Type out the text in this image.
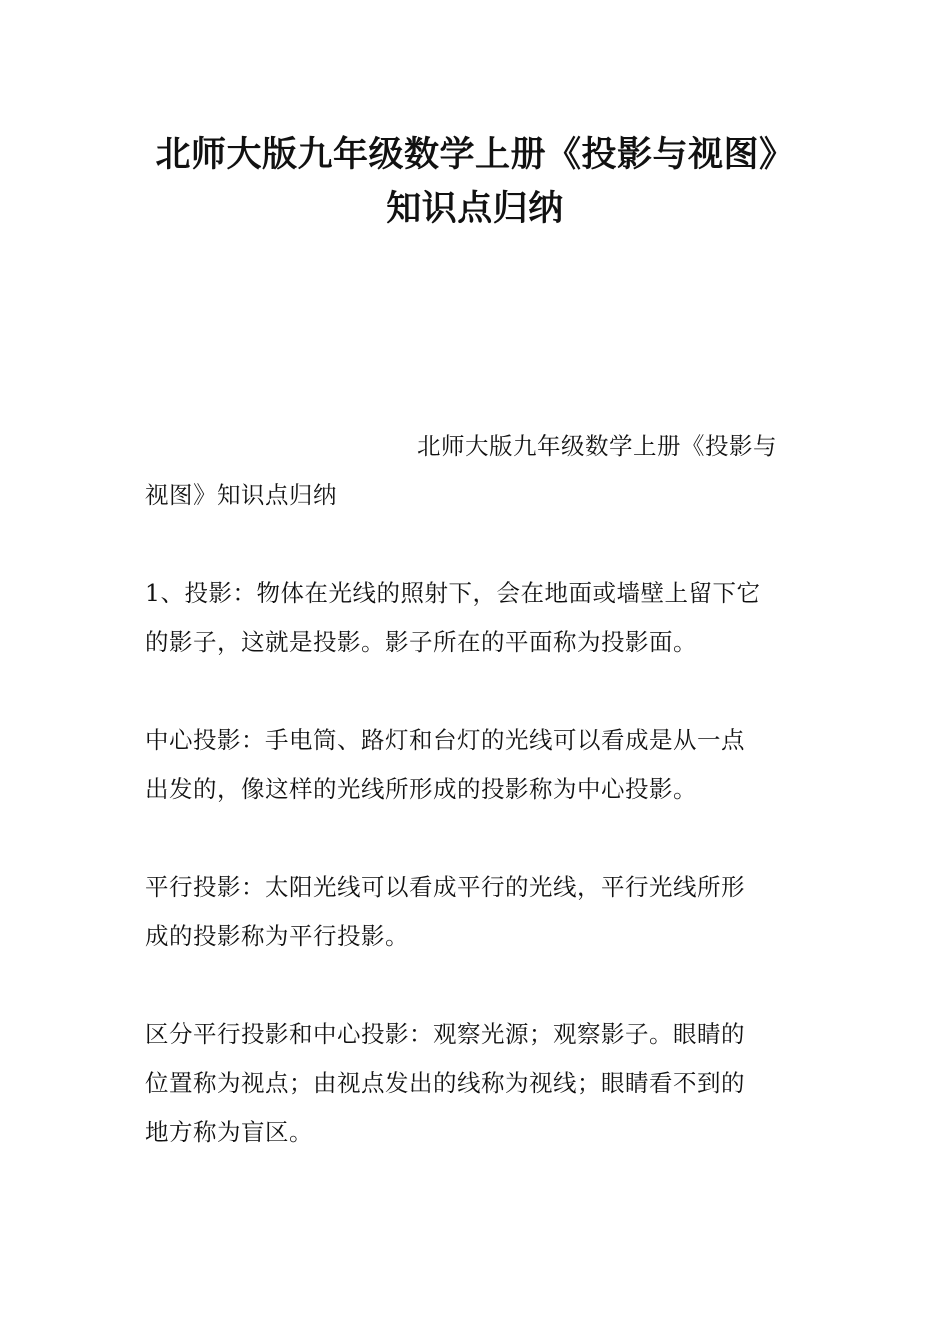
北师大版九年级数学上册《投影与视图》
知识点归纳

北师大版九年级数学上册《投影与
视图》知识点归纳

1、投影：物体在光线的照射下，会在地面或墙壁上留下它
的影子，这就是投影。影子所在的平面称为投影面。

中心投影：手电筒、路灯和台灯的光线可以看成是从一点
出发的，像这样的光线所形成的投影称为中心投影。

平行投影：太阳光线可以看成平行的光线，平行光线所形
成的投影称为平行投影。

区分平行投影和中心投影：观察光源；观察影子。眼睛的
位置称为视点；由视点发出的线称为视线；眼睛看不到的
地方称为盲区。
